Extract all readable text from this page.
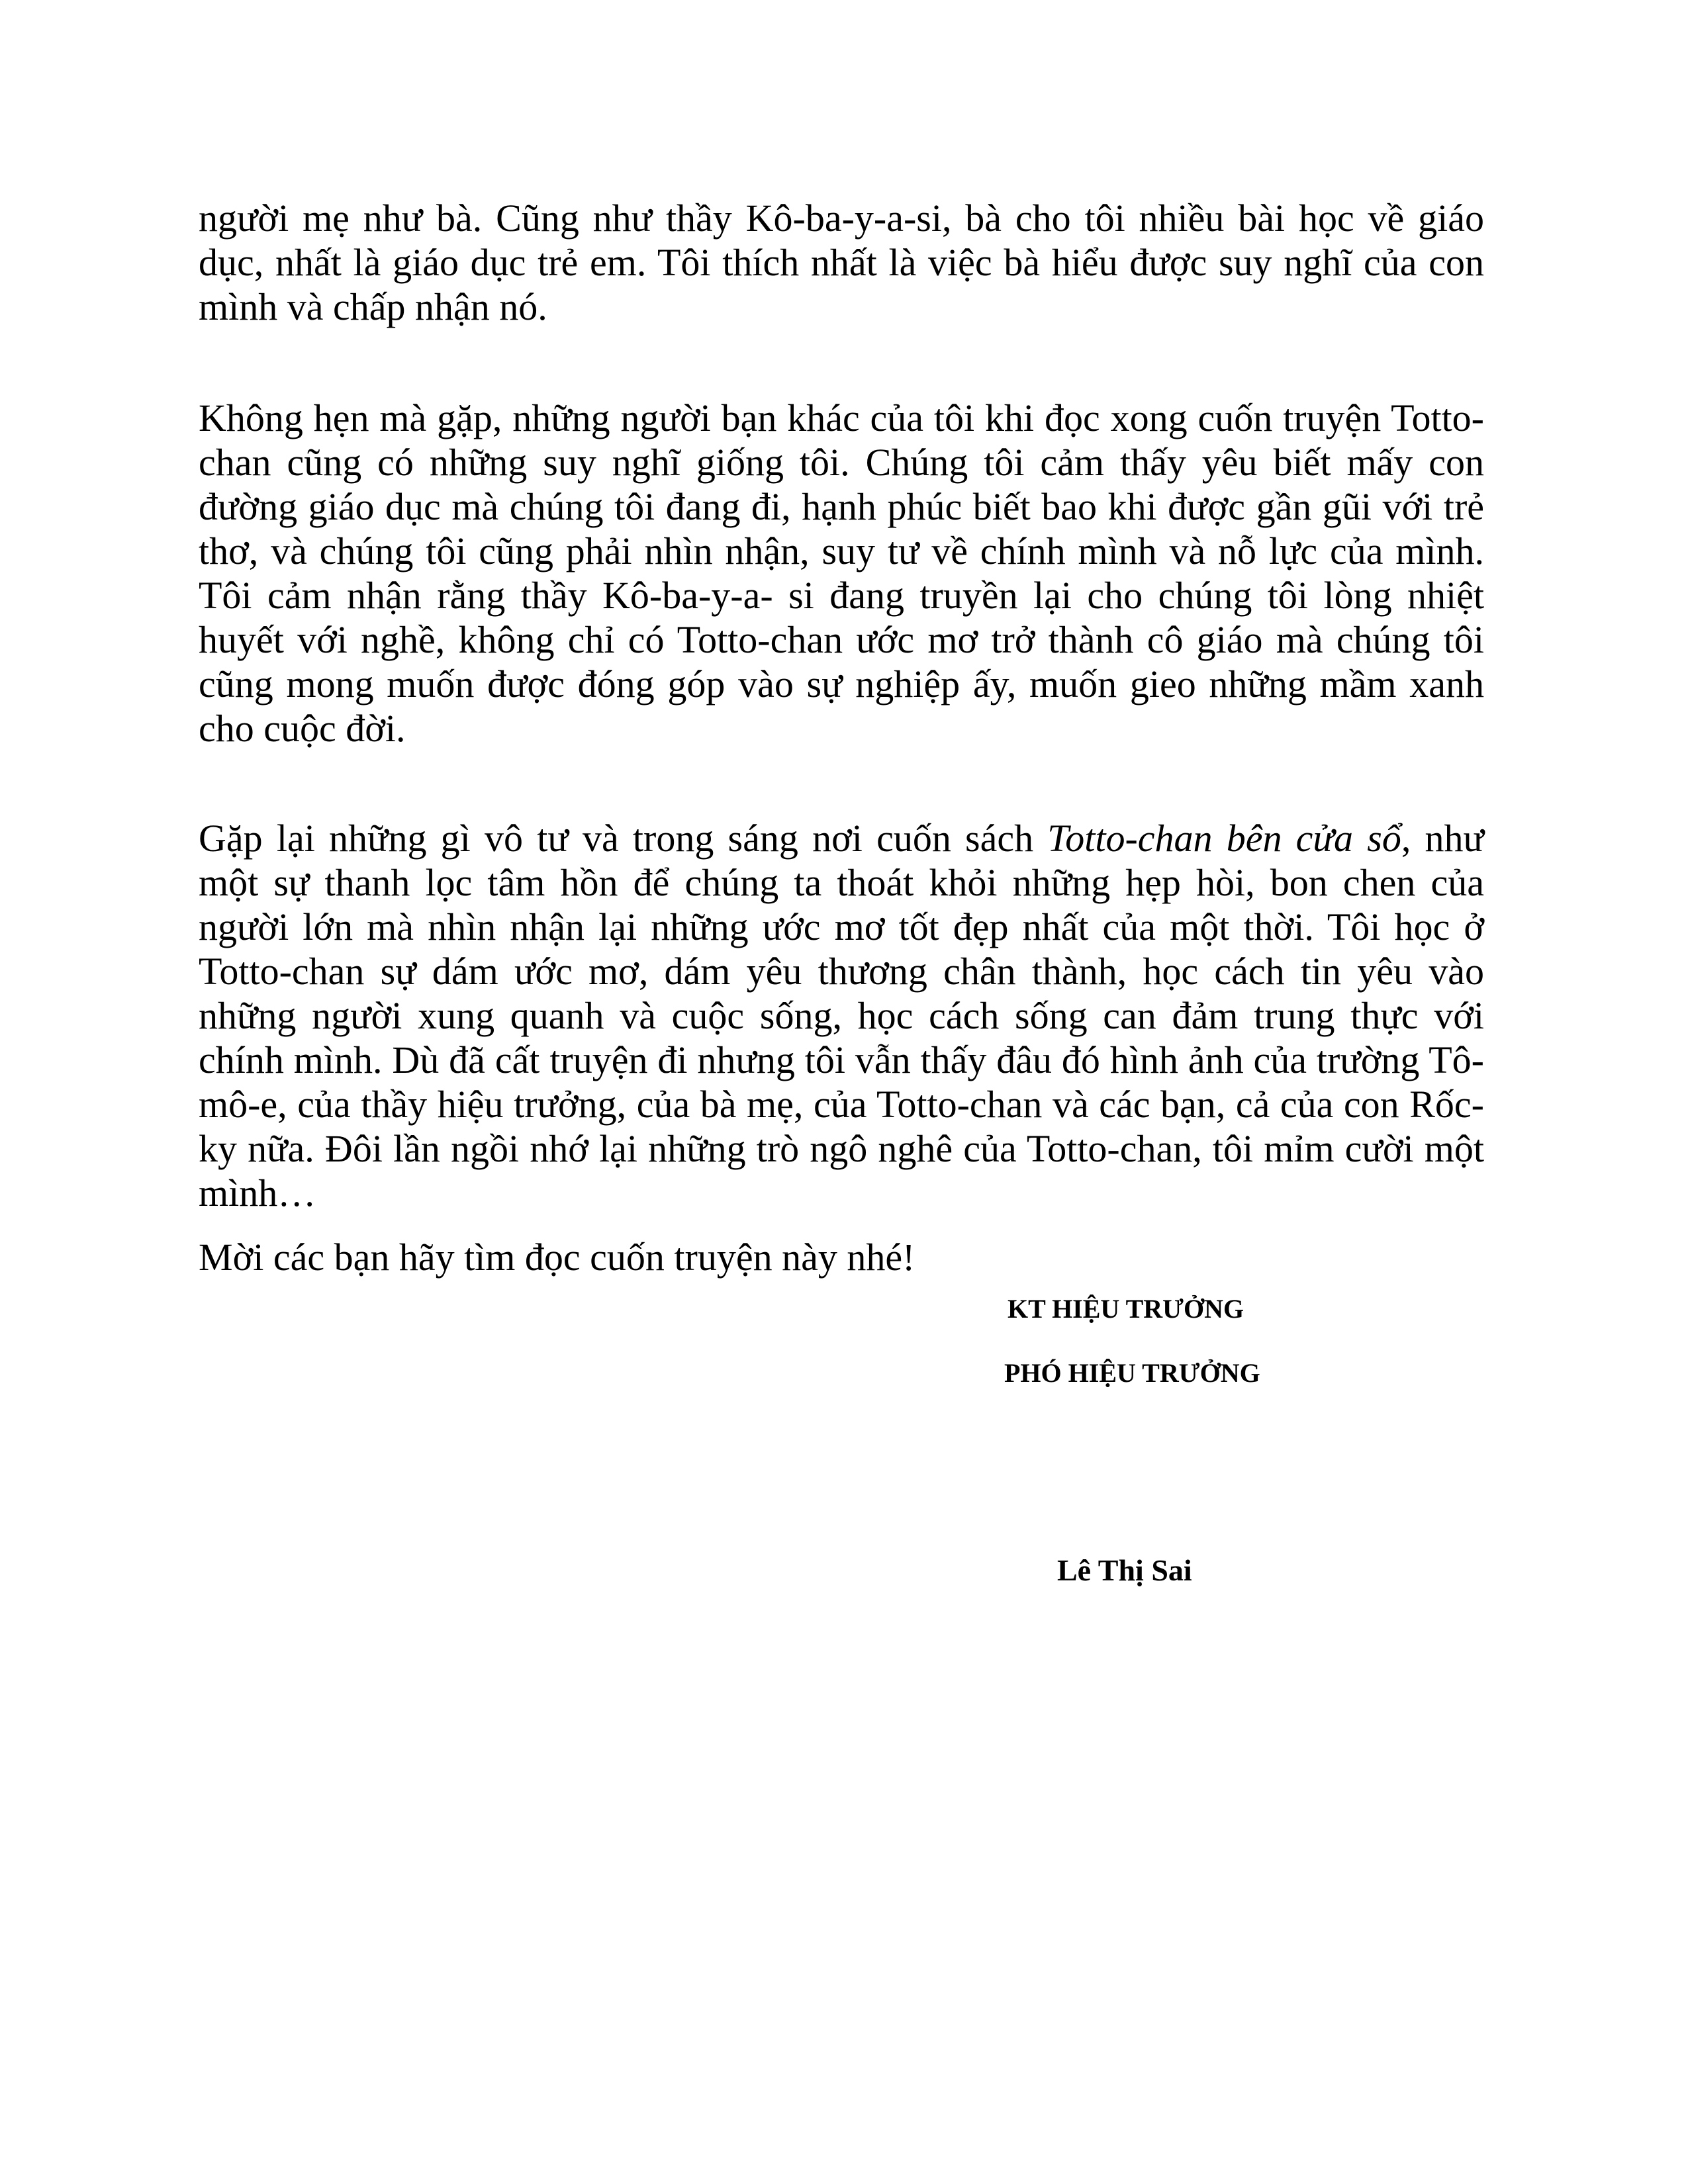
người mẹ như bà. Cũng như thầy Kô-ba-y-a-si, bà cho tôi nhiều bài học về giáo
dục, nhất là giáo dục trẻ em. Tôi thích nhất là việc bà hiểu được suy nghĩ của con
mình và chấp nhận nó.

Không hẹn mà gặp, những người bạn khác của tôi khi đọc xong cuốn truyện Totto-
chan cũng có những suy nghĩ giống tôi. Chúng tôi cảm thấy yêu biết mấy con
đường giáo dục mà chúng tôi đang đi, hạnh phúc biết bao khi được gần gũi với trẻ
thơ, và chúng tôi cũng phải nhìn nhận, suy tư về chính mình và nỗ lực của mình.
Tôi cảm nhận rằng thầy Kô-ba-y-a- si đang truyền lại cho chúng tôi lòng nhiệt
huyết với nghề, không chỉ có Totto-chan ước mơ trở thành cô giáo mà chúng tôi
cũng mong muốn được đóng góp vào sự nghiệp ấy, muốn gieo những mầm xanh
cho cuộc đời.

Gặp lại những gì vô tư và trong sáng nơi cuốn sách Totto-chan bên cửa sổ, như
một sự thanh lọc tâm hồn để chúng ta thoát khỏi những hẹp hòi, bon chen của
người lớn mà nhìn nhận lại những ước mơ tốt đẹp nhất của một thời. Tôi học ở
Totto-chan sự dám ước mơ, dám yêu thương chân thành, học cách tin yêu vào
những người xung quanh và cuộc sống, học cách sống can đảm trung thực với
chính mình. Dù đã cất truyện đi nhưng tôi vẫn thấy đâu đó hình ảnh của trường Tô-
mô-e, của thầy hiệu trưởng, của bà mẹ, của Totto-chan và các bạn, cả của con Rốc-
ky nữa. Đôi lần ngồi nhớ lại những trò ngô nghê của Totto-chan, tôi mỉm cười một
mình…

Mời các bạn hãy tìm đọc cuốn truyện này nhé!

KT HIỆU TRƯỞNG

PHÓ HIỆU TRƯỞNG

Lê Thị Sai
